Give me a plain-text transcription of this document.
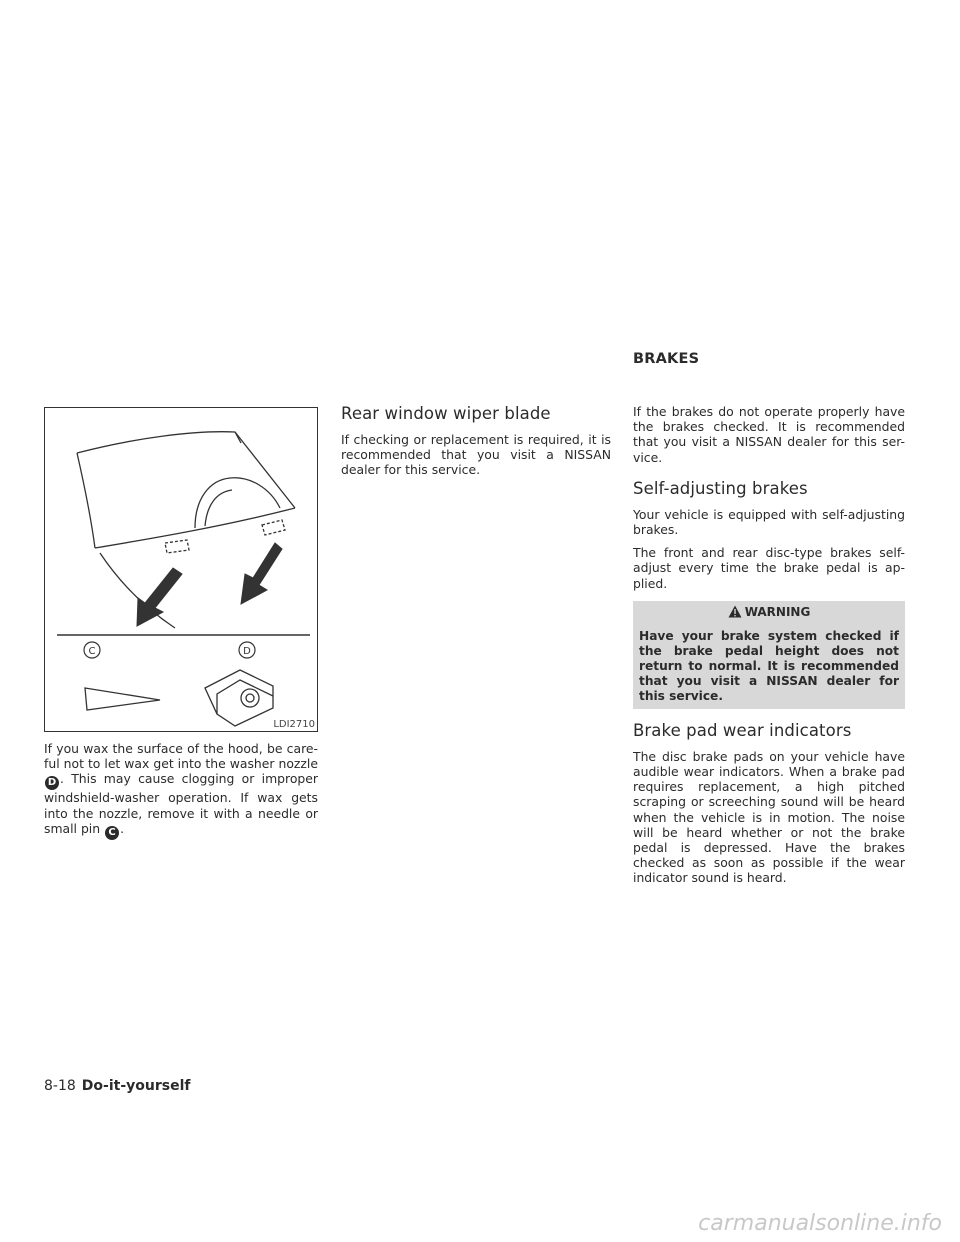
BRAKES
C	D
LDI2710

If you wax the surface of the hood, be care-ful not to let wax get into the washer nozzle D . This may cause clogging or improper windshield-washer operation. If wax gets into the nozzle, remove it with a needle or small pin C .

Rear window wiper blade

If checking or replacement is required, it is recommended that you visit a NISSAN dealer for this service.

If the brakes do not operate properly have the brakes checked. It is recommended that you visit a NISSAN dealer for this ser-vice.

Self-adjusting brakes

Your vehicle is equipped with self-adjusting brakes.

The front and rear disc-type brakes self-adjust every time the brake pedal is ap-plied.

WARNING

Have your brake system checked if the brake pedal height does not return to normal. It is recommended that you visit a NISSAN dealer for this service.

Brake pad wear indicators

The disc brake pads on your vehicle have audible wear indicators. When a brake pad requires replacement, a high pitched scraping or screeching sound will be heard when the vehicle is in motion. The noise will be heard whether or not the brake pedal is depressed. Have the brakes checked as soon as possible if the wear indicator sound is heard.

8-18 Do-it-yourself
carmanualsonline.info
